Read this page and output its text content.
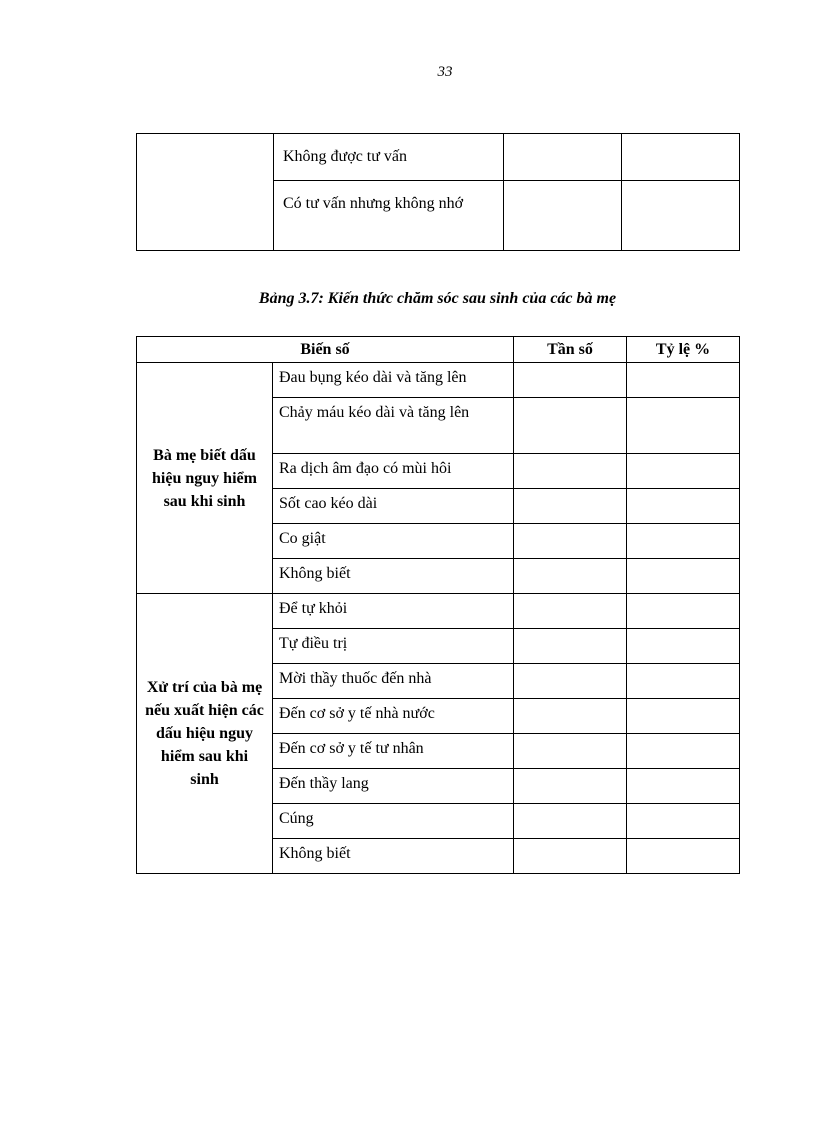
33
	Không được tư vấn		
	Có tư vấn nhưng không nhớ		
Bảng 3.7: Kiến thức chăm sóc sau sinh của các bà mẹ
Biến số		Tần số	Tỷ lệ %
Bà mẹ biết dấu hiệu nguy hiểm sau khi sinh	Đau bụng kéo dài và tăng lên		
	Chảy máu kéo dài và tăng lên		
	Ra dịch âm đạo có mùi hôi		
	Sốt cao kéo dài		
	Co giật		
	Không biết		
Xử trí của bà mẹ nếu xuất hiện các dấu hiệu nguy hiểm sau khi sinh	Để tự khỏi		
	Tự điều trị		
	Mời thầy thuốc đến nhà		
	Đến cơ sở y tế nhà nước		
	Đến cơ sở y tế tư nhân		
	Đến thầy lang		
	Cúng		
	Không biết		
